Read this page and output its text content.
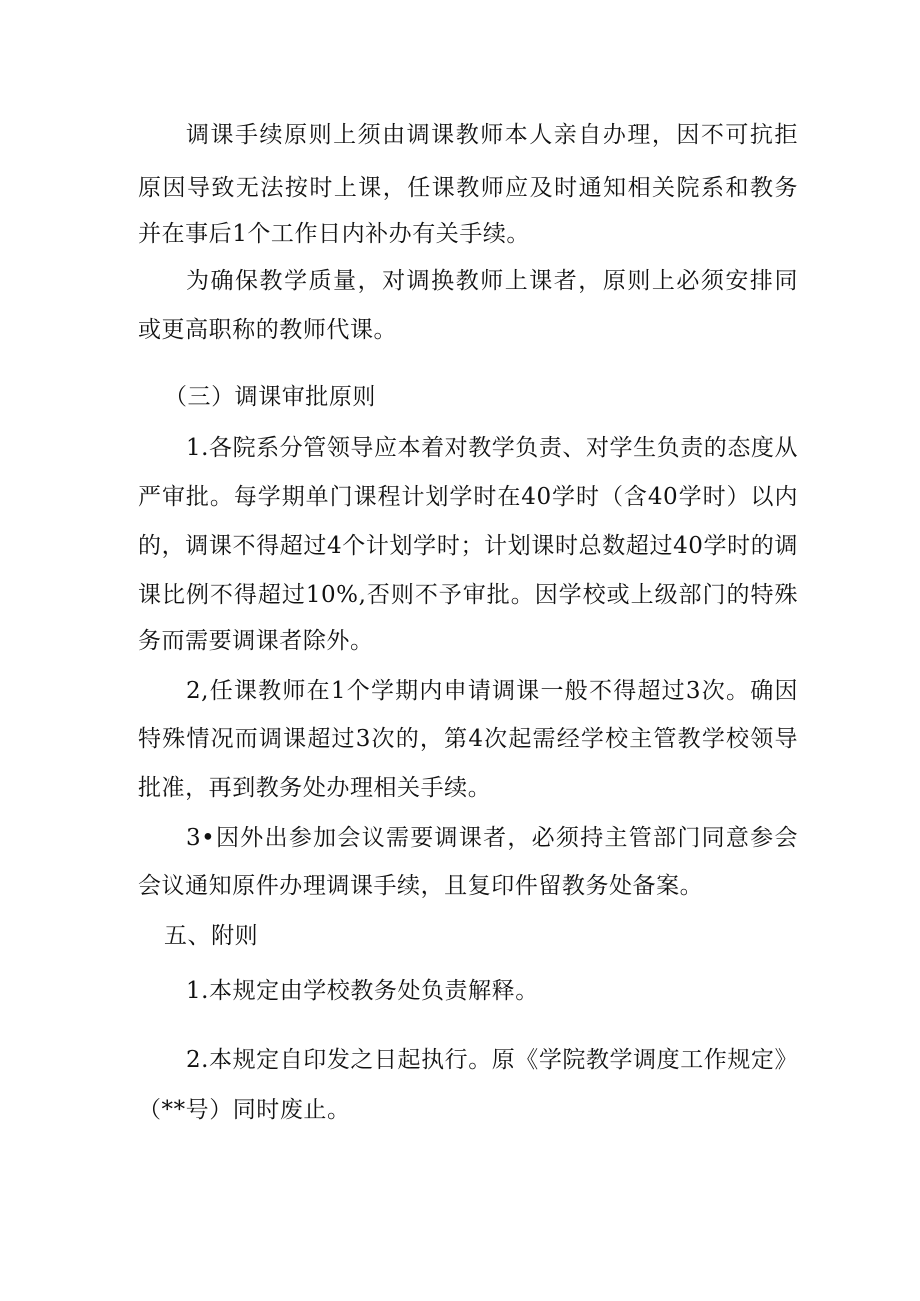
调课手续原则上须由调课教师本人亲自办理，因不可抗拒

原因导致无法按时上课，任课教师应及时通知相关院系和教务

并在事后1个工作日内补办有关手续。

为确保教学质量，对调换教师上课者，原则上必须安排同

或更高职称的教师代课。

（三）调课审批原则

1.各院系分管领导应本着对教学负责、对学生负责的态度从

严审批。每学期单门课程计划学时在40学时（含40学时）以内

的，调课不得超过4个计划学时；计划课时总数超过40学时的调

课比例不得超过10%,否则不予审批。因学校或上级部门的特殊

务而需要调课者除外。

2,任课教师在1个学期内申请调课一般不得超过3次。确因

特殊情况而调课超过3次的，第4次起需经学校主管教学校领导

批准，再到教务处办理相关手续。

3•因外出参加会议需要调课者，必须持主管部门同意参会

会议通知原件办理调课手续，且复印件留教务处备案。

五、附则

1.本规定由学校教务处负责解释。

2.本规定自印发之日起执行。原《学院教学调度工作规定》

（**号）同时废止。
